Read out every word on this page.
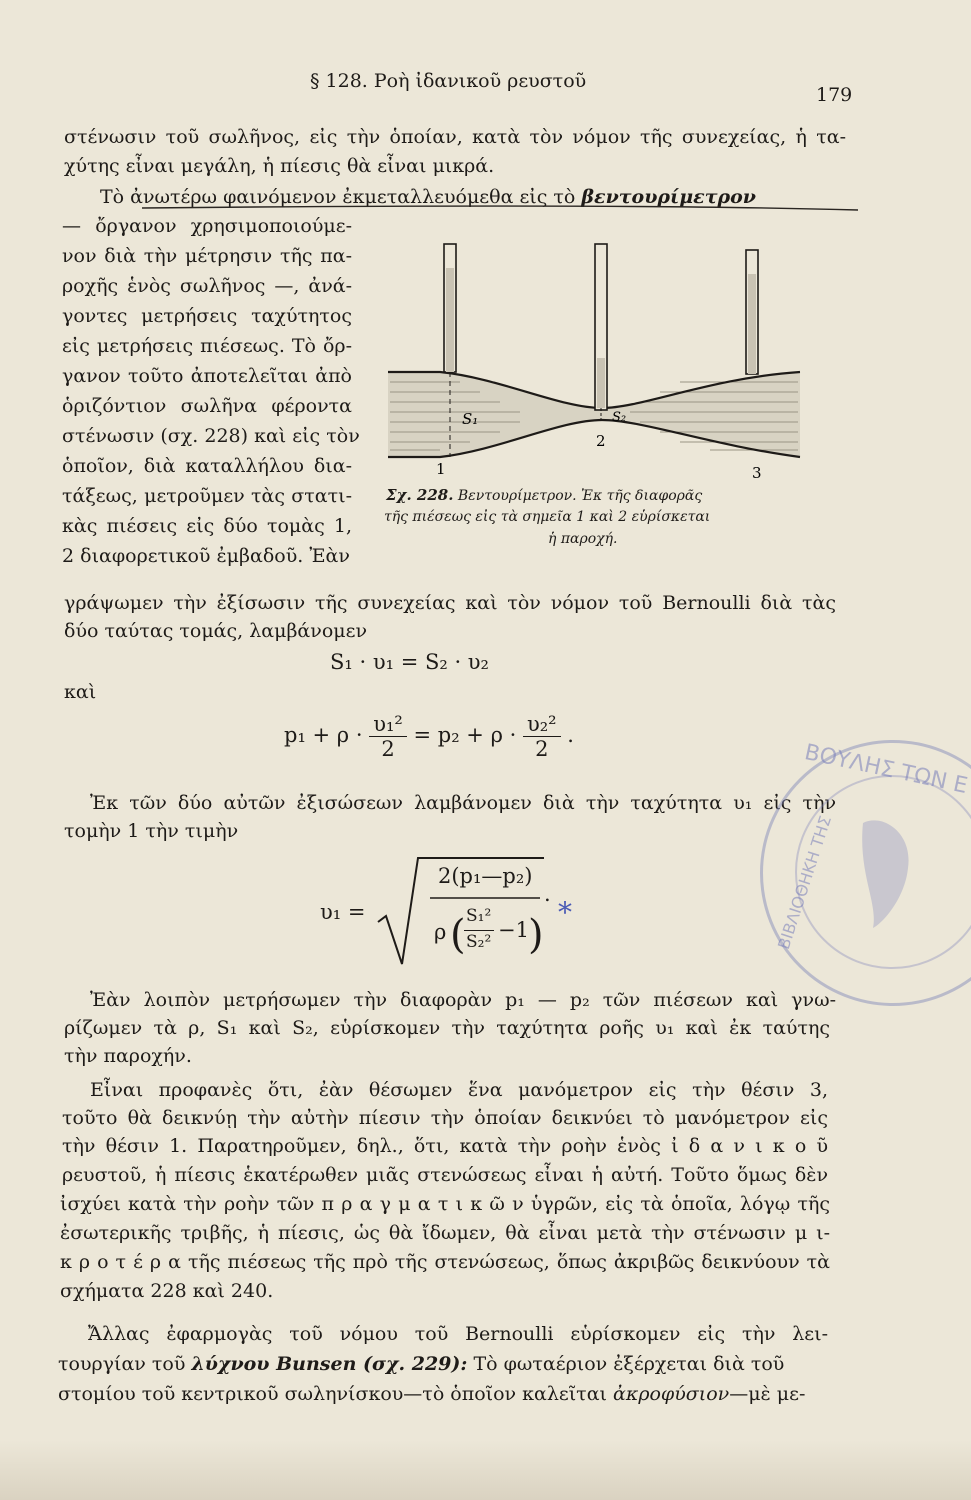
§ 128. Ροὴ ἰδανικοῦ ρευστοῦ
179
στένωσιν τοῦ σωλῆνος, εἰς τὴν ὁποίαν, κατὰ τὸν νόμον τῆς συνεχείας, ἡ τα-
χύτης εἶναι μεγάλη, ἡ πίεσις θὰ εἶναι μικρά.
Τὸ ἀνωτέρω φαινόμενον ἐκμεταλλευόμεθα εἰς τὸ βεντουρίμετρον
— ὄργανον χρησιμοποιούμε-
νον διὰ τὴν μέτρησιν τῆς πα-
ροχῆς ἑνὸς σωλῆνος —, ἀνά-
γοντες μετρήσεις ταχύτητος
εἰς μετρήσεις πιέσεως. Τὸ ὄρ-
γανον τοῦτο ἀποτελεῖται ἀπὸ
ὁριζόντιον σωλῆνα φέροντα
στένωσιν (σχ. 228) καὶ εἰς τὸν
ὁποῖον, διὰ καταλλήλου δια-
τάξεως, μετροῦμεν τὰς στατι-
κὰς πιέσεις εἰς δύο τομὰς 1,
2 διαφορετικοῦ ἐμβαδοῦ. Ἐὰν
S₁	S₂
1
2
3
Σχ. 228. Βεντουρίμετρον. Ἐκ τῆς διαφορᾶς
τῆς πιέσεως εἰς τὰ σημεῖα 1 καὶ 2 εὑρίσκεται
ἡ παροχή.
γράψωμεν τὴν ἐξίσωσιν τῆς συνεχείας καὶ τὸν νόμον τοῦ Bernoulli διὰ τὰς
δύο ταύτας τομάς, λαμβάνομεν
S₁ · υ₁ = S₂ · υ₂
καὶ
$p_1 + \rho \cdot \frac{\text{υ₁²}}{2} = p_2 + \rho \cdot \frac{\text{υ₂²}}{2}$ .
Ἐκ τῶν δύο αὐτῶν ἐξισώσεων λαμβάνομεν διὰ τὴν ταχύτητα υ₁ εἰς τὴν
τομὴν 1 τὴν τιμὴν
υ₁ =
2(p₁—p₂)
ρ ( S₁²
S₂² −1 )
.
*
Ἐὰν λοιπὸν μετρήσωμεν τὴν διαφορὰν p₁ — p₂ τῶν πιέσεων καὶ γνω-
ρίζωμεν τὰ ρ, S₁ καὶ S₂, εὑρίσκομεν τὴν ταχύτητα ροῆς υ₁ καὶ ἐκ ταύτης
τὴν παροχήν.
Εἶναι προφανὲς ὅτι, ἐὰν θέσωμεν ἕνα μανόμετρον εἰς τὴν θέσιν 3,
τοῦτο θὰ δεικνύῃ τὴν αὐτὴν πίεσιν τὴν ὁποίαν δεικνύει τὸ μανόμετρον εἰς
τὴν θέσιν 1. Παρατηροῦμεν, δηλ., ὅτι, κατὰ τὴν ροὴν ἑνὸς ἰ δ α ν ι κ ο ῦ
ρευστοῦ, ἡ πίεσις ἑκατέρωθεν μιᾶς στενώσεως εἶναι ἡ αὐτή. Τοῦτο ὅμως δὲν
ἰσχύει κατὰ τὴν ροὴν τῶν π ρ α γ μ α τ ι κ ῶ ν ὑγρῶν, εἰς τὰ ὁποῖα, λόγῳ τῆς
ἐσωτερικῆς τριβῆς, ἡ πίεσις, ὡς θὰ ἴδωμεν, θὰ εἶναι μετὰ τὴν στένωσιν μ ι-
κ ρ ο τ έ ρ α τῆς πιέσεως τῆς πρὸ τῆς στενώσεως, ὅπως ἀκριβῶς δεικνύουν τὰ
σχήματα 228 καὶ 240.
Ἄλλας ἐφαρμογὰς τοῦ νόμου τοῦ Bernoulli εὑρίσκομεν εἰς τὴν λει-
τουργίαν τοῦ λύχνου Bunsen (σχ. 229): Τὸ φωταέριον ἐξέρχεται διὰ τοῦ
στομίου τοῦ κεντρικοῦ σωληνίσκου—τὸ ὁποῖον καλεῖται ἀκροφύσιον—μὲ με-
ΒΟΥΛΗΣ ΤΩΝ Ε
ΒΙΒΛΙΟΘΗΚΗ ΤΗΣ
